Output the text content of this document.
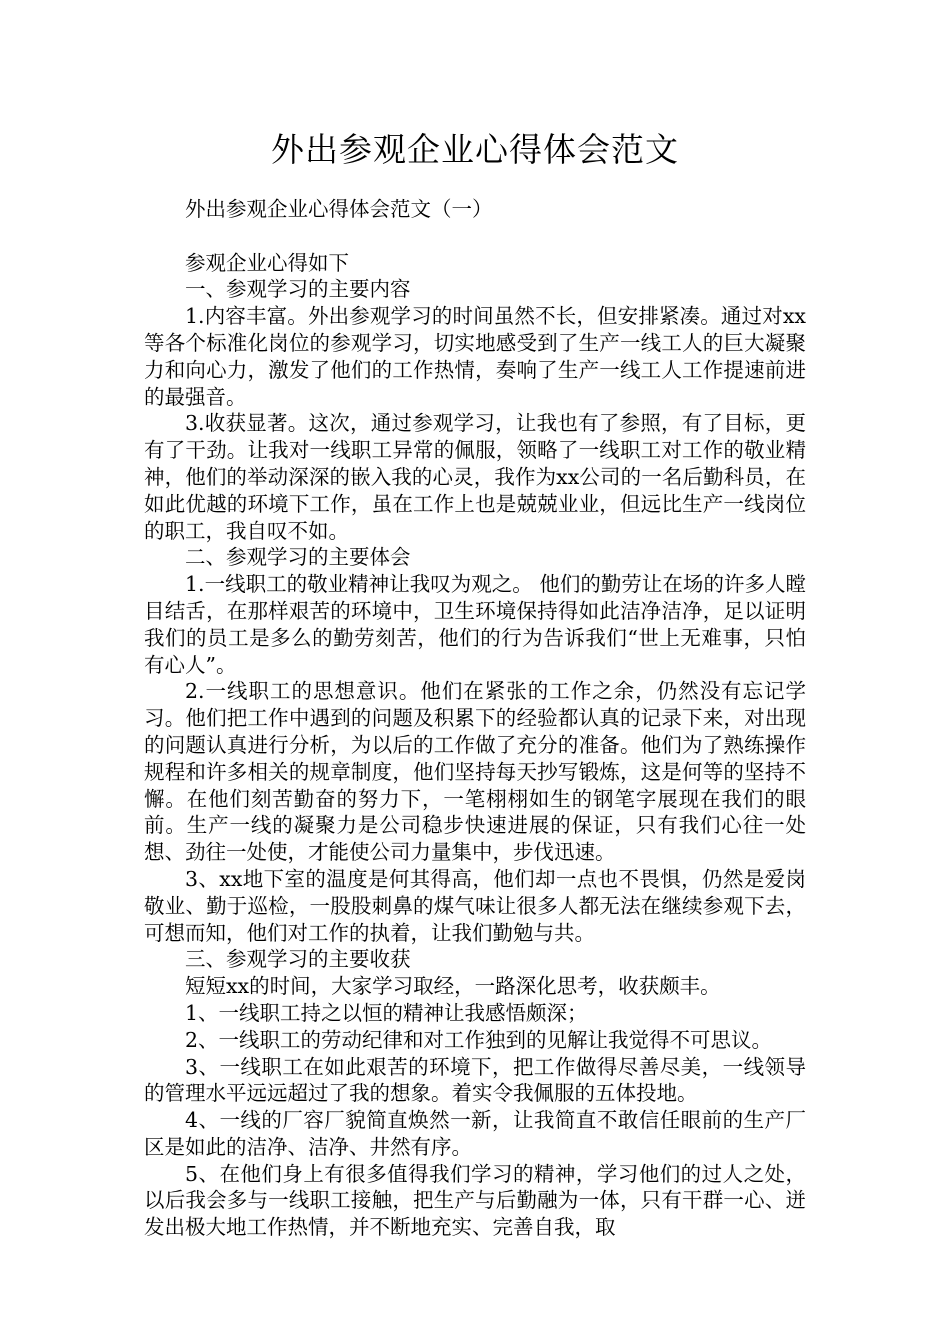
外出参观企业心得体会范文

外出参观企业心得体会范文（一）

参观企业心得如下

一、参观学习的主要内容

1.内容丰富。外出参观学习的时间虽然不长，但安排紧凑。通过对xx等各个标准化岗位的参观学习，切实地感受到了生产一线工人的巨大凝聚力和向心力，激发了他们的工作热情，奏响了生产一线工人工作提速前进的最强音。

3.收获显著。这次，通过参观学习，让我也有了参照，有了目标，更有了干劲。让我对一线职工异常的佩服，领略了一线职工对工作的敬业精神，他们的举动深深的嵌入我的心灵，我作为xx公司的一名后勤科员，在如此优越的环境下工作，虽在工作上也是兢兢业业，但远比生产一线岗位的职工，我自叹不如。

二、参观学习的主要体会

1.一线职工的敬业精神让我叹为观之。 他们的勤劳让在场的许多人瞠目结舌，在那样艰苦的环境中，卫生环境保持得如此洁净洁净，足以证明我们的员工是多么的勤劳刻苦，他们的行为告诉我们“世上无难事，只怕有心人”。

2.一线职工的思想意识。他们在紧张的工作之余，仍然没有忘记学习。他们把工作中遇到的问题及积累下的经验都认真的记录下来，对出现的问题认真进行分析，为以后的工作做了充分的准备。他们为了熟练操作规程和许多相关的规章制度，他们坚持每天抄写锻炼，这是何等的坚持不懈。在他们刻苦勤奋的努力下，一笔栩栩如生的钢笔字展现在我们的眼前。生产一线的凝聚力是公司稳步快速进展的保证，只有我们心往一处想、劲往一处使，才能使公司力量集中，步伐迅速。

3、xx地下室的温度是何其得高，他们却一点也不畏惧，仍然是爱岗敬业、勤于巡检，一股股刺鼻的煤气味让很多人都无法在继续参观下去，可想而知，他们对工作的执着，让我们勤勉与共。

三、参观学习的主要收获

短短xx的时间，大家学习取经，一路深化思考，收获颇丰。

1、一线职工持之以恒的精神让我感悟颇深；

2、一线职工的劳动纪律和对工作独到的见解让我觉得不可思议。

3、一线职工在如此艰苦的环境下，把工作做得尽善尽美，一线领导的管理水平远远超过了我的想象。着实令我佩服的五体投地。

4、一线的厂容厂貌简直焕然一新，让我简直不敢信任眼前的生产厂区是如此的洁净、洁净、井然有序。

5、在他们身上有很多值得我们学习的精神，学习他们的过人之处，以后我会多与一线职工接触，把生产与后勤融为一体，只有干群一心、迸发出极大地工作热情，并不断地充实、完善自我，取
